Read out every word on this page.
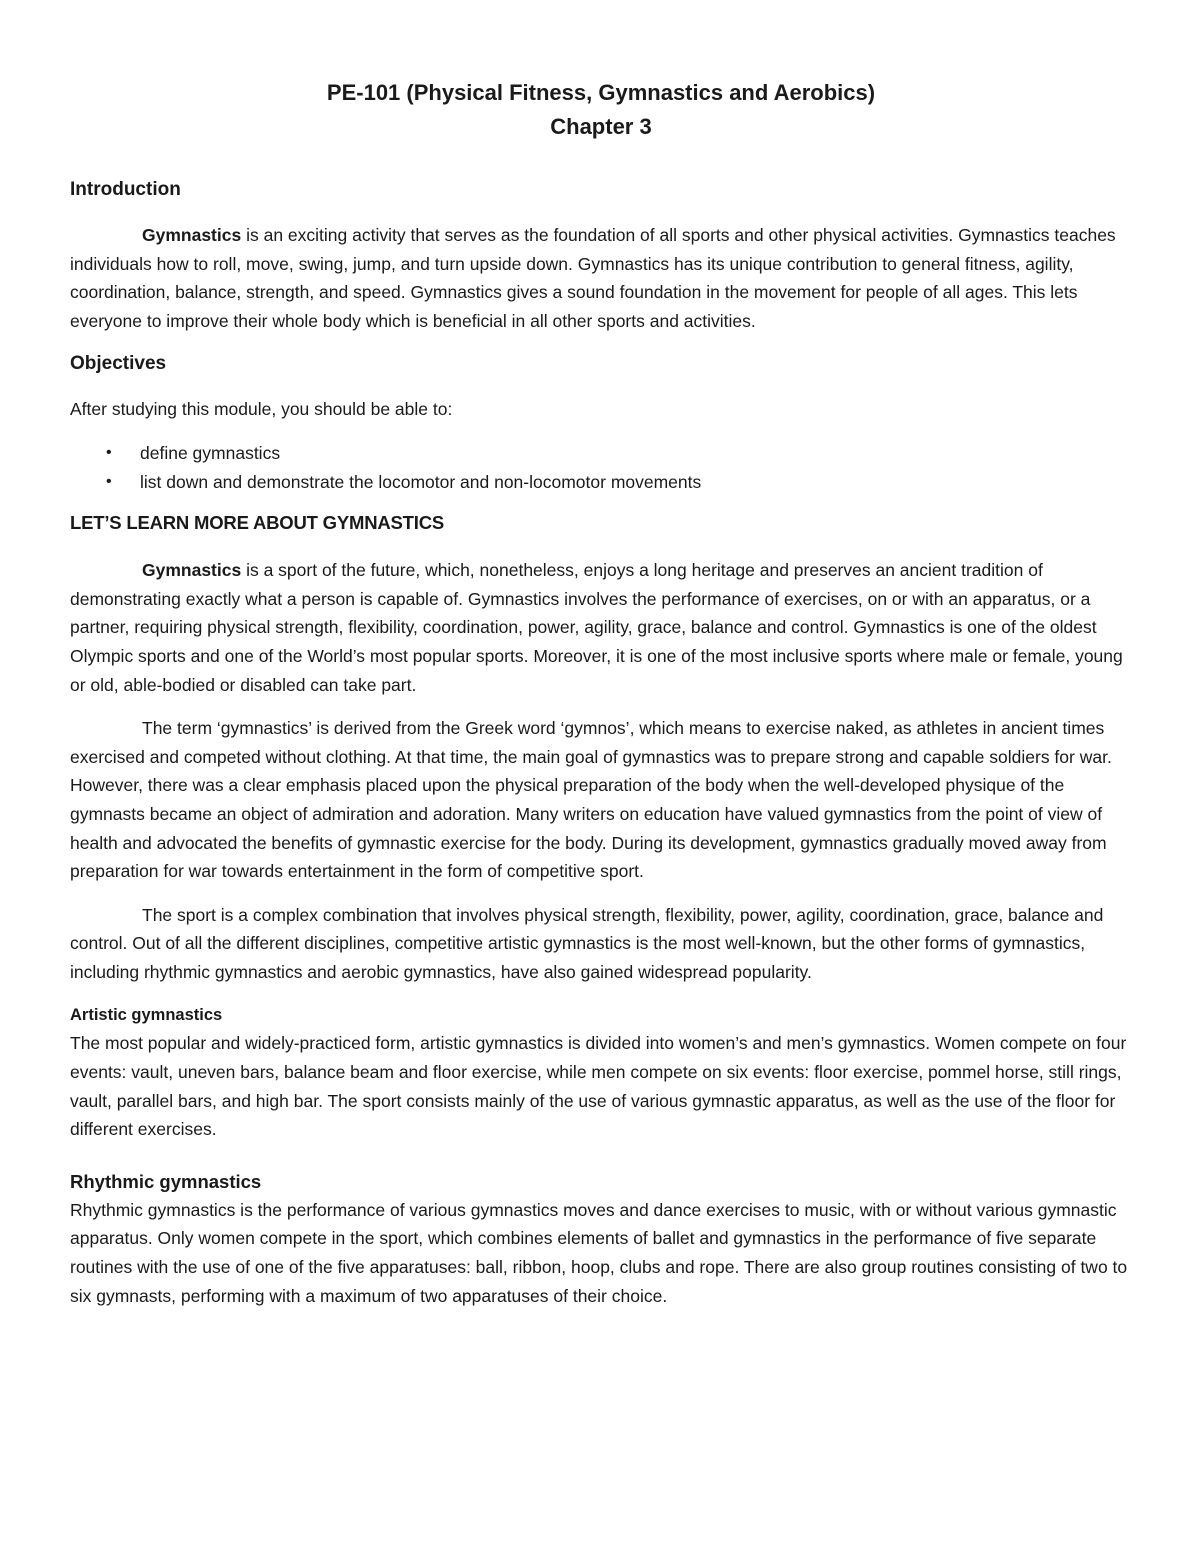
PE-101 (Physical Fitness, Gymnastics and Aerobics)
Chapter 3
Introduction

Gymnastics is an exciting activity that serves as the foundation of all sports and other physical activities. Gymnastics teaches individuals how to roll, move, swing, jump, and turn upside down. Gymnastics has its unique contribution to general fitness, agility, coordination, balance, strength, and speed. Gymnastics gives a sound foundation in the movement for people of all ages. This lets everyone to improve their whole body which is beneficial in all other sports and activities.

Objectives

After studying this module, you should be able to:

• define gymnastics
• list down and demonstrate the locomotor and non-locomotor movements
LET’S LEARN MORE ABOUT GYMNASTICS

Gymnastics is a sport of the future, which, nonetheless, enjoys a long heritage and preserves an ancient tradition of demonstrating exactly what a person is capable of. Gymnastics involves the performance of exercises, on or with an apparatus, or a partner, requiring physical strength, flexibility, coordination, power, agility, grace, balance and control. Gymnastics is one of the oldest Olympic sports and one of the World’s most popular sports. Moreover, it is one of the most inclusive sports where male or female, young or old, able-bodied or disabled can take part.

The term ‘gymnastics’ is derived from the Greek word ‘gymnos’, which means to exercise naked, as athletes in ancient times exercised and competed without clothing. At that time, the main goal of gymnastics was to prepare strong and capable soldiers for war. However, there was a clear emphasis placed upon the physical preparation of the body when the well-developed physique of the gymnasts became an object of admiration and adoration. Many writers on education have valued gymnastics from the point of view of health and advocated the benefits of gymnastic exercise for the body. During its development, gymnastics gradually moved away from preparation for war towards entertainment in the form of competitive sport.

The sport is a complex combination that involves physical strength, flexibility, power, agility, coordination, grace, balance and control. Out of all the different disciplines, competitive artistic gymnastics is the most well-known, but the other forms of gymnastics, including rhythmic gymnastics and aerobic gymnastics, have also gained widespread popularity.

Artistic gymnastics

The most popular and widely-practiced form, artistic gymnastics is divided into women’s and men’s gymnastics. Women compete on four events: vault, uneven bars, balance beam and floor exercise, while men compete on six events: floor exercise, pommel horse, still rings, vault, parallel bars, and high bar. The sport consists mainly of the use of various gymnastic apparatus, as well as the use of the floor for different exercises.

Rhythmic gymnastics

Rhythmic gymnastics is the performance of various gymnastics moves and dance exercises to music, with or without various gymnastic apparatus. Only women compete in the sport, which combines elements of ballet and gymnastics in the performance of five separate routines with the use of one of the five apparatuses: ball, ribbon, hoop, clubs and rope. There are also group routines consisting of two to six gymnasts, performing with a maximum of two apparatuses of their choice.
